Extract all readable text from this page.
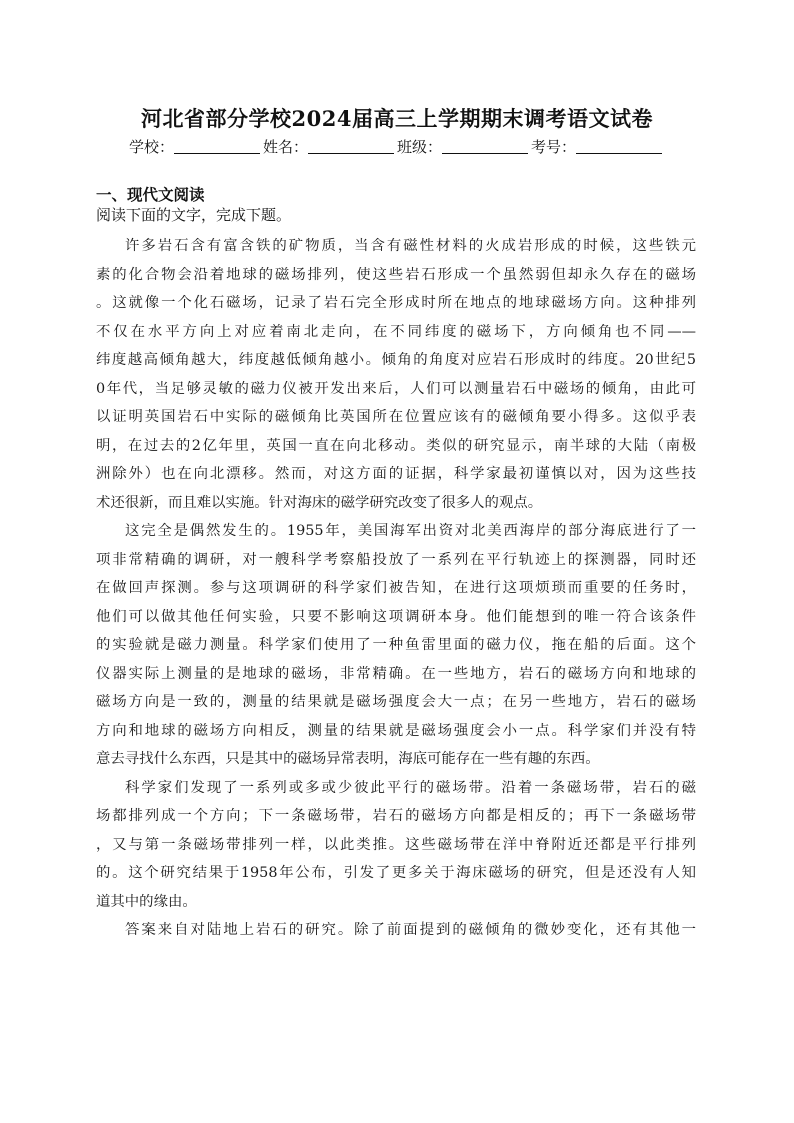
河北省部分学校2024届高三上学期期末调考语文试卷
学校：	姓名：	班级：	考号：
一、现代文阅读
阅读下面的文字，完成下题。
许多岩石含有富含铁的矿物质，当含有磁性材料的火成岩形成的时候，这些铁元
素的化合物会沿着地球的磁场排列，使这些岩石形成一个虽然弱但却永久存在的磁场
。这就像一个化石磁场，记录了岩石完全形成时所在地点的地球磁场方向。这种排列
不仅在水平方向上对应着南北走向，在不同纬度的磁场下，方向倾角也不同——
纬度越高倾角越大，纬度越低倾角越小。倾角的角度对应岩石形成时的纬度。20世纪5
0年代，当足够灵敏的磁力仪被开发出来后，人们可以测量岩石中磁场的倾角，由此可
以证明英国岩石中实际的磁倾角比英国所在位置应该有的磁倾角要小得多。这似乎表
明，在过去的2亿年里，英国一直在向北移动。类似的研究显示，南半球的大陆（南极
洲除外）也在向北漂移。然而，对这方面的证据，科学家最初谨慎以对，因为这些技
术还很新，而且难以实施。针对海床的磁学研究改变了很多人的观点。
这完全是偶然发生的。1955年，美国海军出资对北美西海岸的部分海底进行了一
项非常精确的调研，对一艘科学考察船投放了一系列在平行轨迹上的探测器，同时还
在做回声探测。参与这项调研的科学家们被告知，在进行这项烦琐而重要的任务时，
他们可以做其他任何实验，只要不影响这项调研本身。他们能想到的唯一符合该条件
的实验就是磁力测量。科学家们使用了一种鱼雷里面的磁力仪，拖在船的后面。这个
仪器实际上测量的是地球的磁场，非常精确。在一些地方，岩石的磁场方向和地球的
磁场方向是一致的，测量的结果就是磁场强度会大一点；在另一些地方，岩石的磁场
方向和地球的磁场方向相反，测量的结果就是磁场强度会小一点。科学家们并没有特
意去寻找什么东西，只是其中的磁场异常表明，海底可能存在一些有趣的东西。
科学家们发现了一系列或多或少彼此平行的磁场带。沿着一条磁场带，岩石的磁
场都排列成一个方向；下一条磁场带，岩石的磁场方向都是相反的；再下一条磁场带
，又与第一条磁场带排列一样，以此类推。这些磁场带在洋中脊附近还都是平行排列
的。这个研究结果于1958年公布，引发了更多关于海床磁场的研究，但是还没有人知
道其中的缘由。
答案来自对陆地上岩石的研究。除了前面提到的磁倾角的微妙变化，还有其他一
